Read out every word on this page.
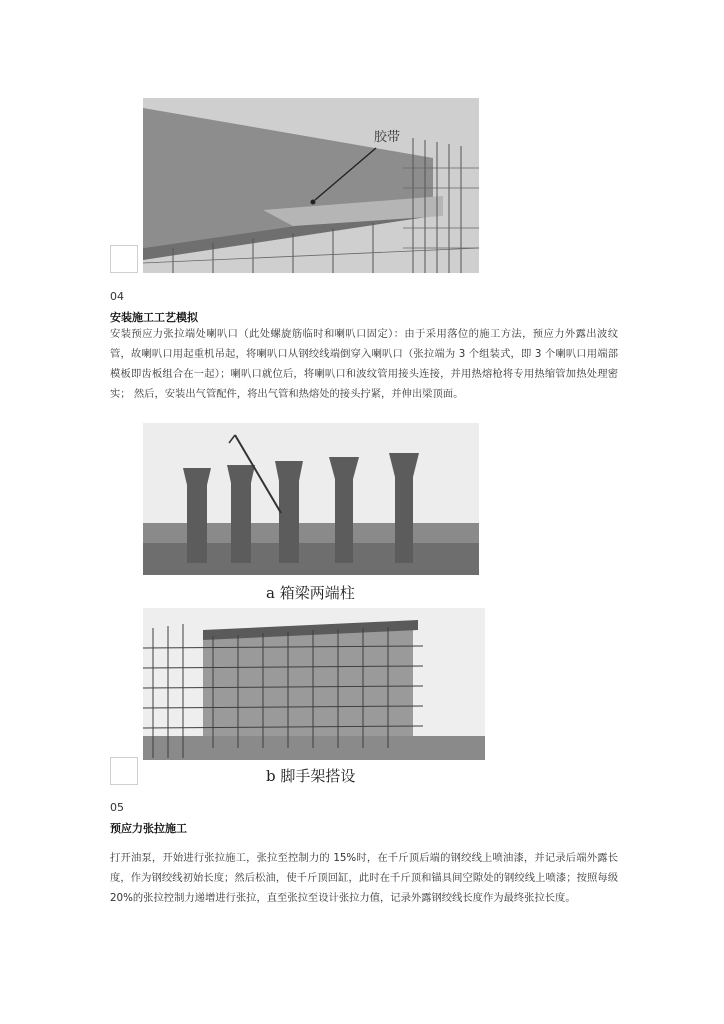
胶带
04
安装施工工艺模拟
安装预应力张拉端处喇叭口（此处螺旋筋临时和喇叭口固定）：由于采用落位的施工方法，预应力外露出波纹管，故喇叭口用起重机吊起，将喇叭口从钢绞线端倒穿入喇叭口（张拉端为 3 个组装式，即 3 个喇叭口用端部模板即齿板组合在一起）；喇叭口就位后，将喇叭口和波纹管用接头连接，并用热熔枪将专用热缩管加热处理密实； 然后，安装出气管配件，将出气管和热熔处的接头拧紧，并伸出梁顶面。
a 箱梁两端柱
b 脚手架搭设
05
预应力张拉施工
打开油泵，开始进行张拉施工，张拉至控制力的 15%时，在千斤顶后端的钢绞线上喷油漆，并记录后端外露长度，作为钢绞线初始长度；然后松油，使千斤顶回缸，此时在千斤顶和锚具间空隙处的钢绞线上喷漆；按照每级 20%的张拉控制力递增进行张拉，直至张拉至设计张拉力值，记录外露钢绞线长度作为最终张拉长度。
